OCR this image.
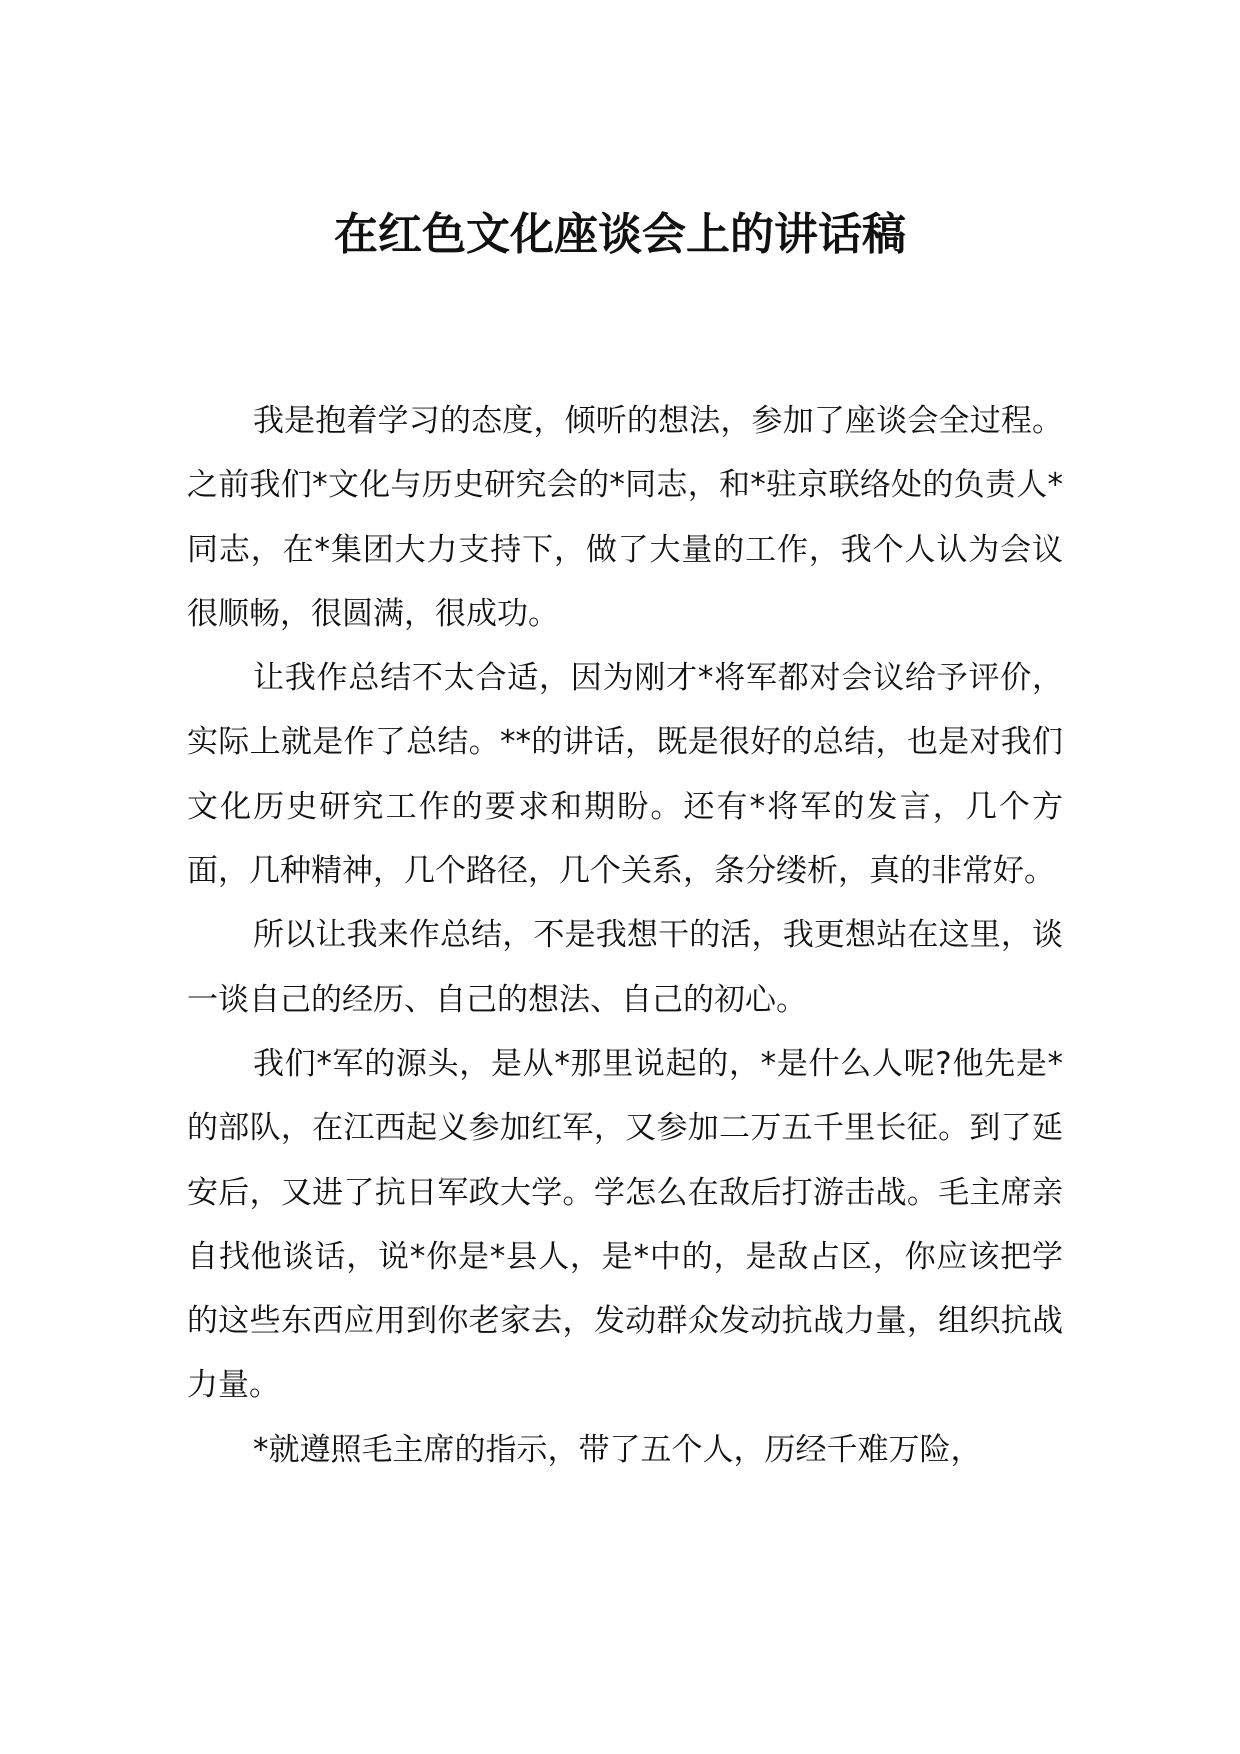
在红色文化座谈会上的讲话稿

我是抱着学习的态度，倾听的想法，参加了座谈会全过程。之前我们*文化与历史研究会的*同志，和*驻京联络处的负责人*同志，在*集团大力支持下，做了大量的工作，我个人认为会议很顺畅，很圆满，很成功。

让我作总结不太合适，因为刚才*将军都对会议给予评价，实际上就是作了总结。**的讲话，既是很好的总结，也是对我们文化历史研究工作的要求和期盼。还有*将军的发言，几个方面，几种精神，几个路径，几个关系，条分缕析，真的非常好。

所以让我来作总结，不是我想干的活，我更想站在这里，谈一谈自己的经历、自己的想法、自己的初心。

我们*军的源头，是从*那里说起的，*是什么人呢?他先是*的部队，在江西起义参加红军，又参加二万五千里长征。到了延安后，又进了抗日军政大学。学怎么在敌后打游击战。毛主席亲自找他谈话，说*你是*县人，是*中的，是敌占区，你应该把学的这些东西应用到你老家去，发动群众发动抗战力量，组织抗战力量。

*就遵照毛主席的指示，带了五个人，历经千难万险，
